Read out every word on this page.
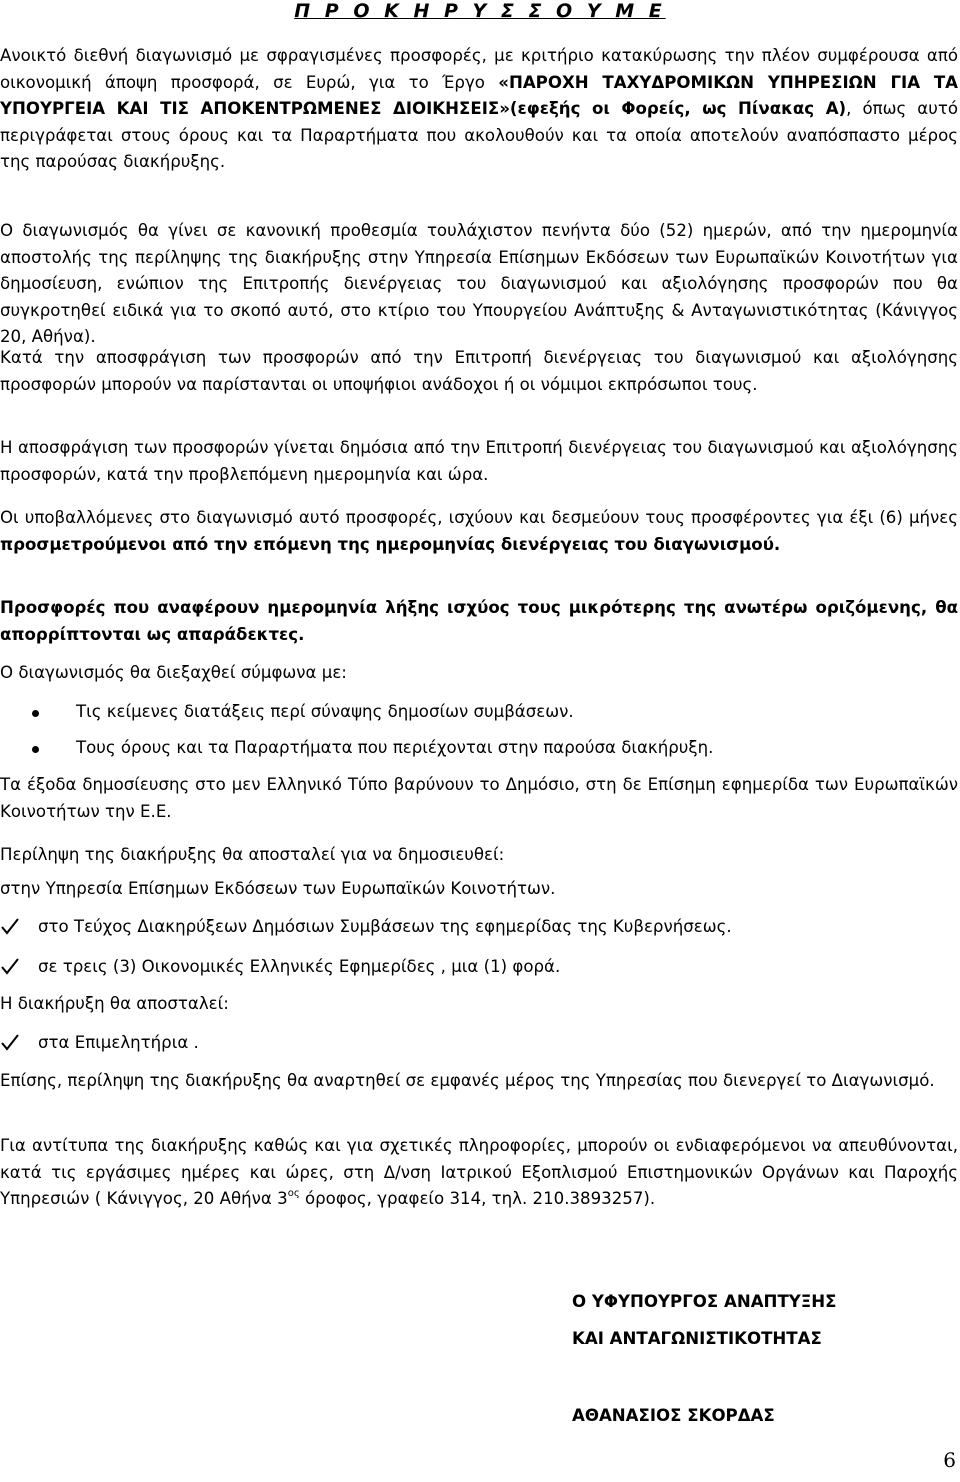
Π Ρ Ο Κ Η Ρ Υ Σ Σ Ο Υ Μ Ε
Ανοικτό διεθνή διαγωνισμό με σφραγισμένες προσφορές, με κριτήριο κατακύρωσης την πλέον συμφέρουσα από οικονομική άποψη προσφορά, σε Ευρώ, για το Έργο «ΠΑΡΟΧΗ ΤΑΧΥΔΡΟΜΙΚΩΝ ΥΠΗΡΕΣΙΩΝ ΓΙΑ ΤΑ ΥΠΟΥΡΓΕΙΑ ΚΑΙ ΤΙΣ ΑΠΟΚΕΝΤΡΩΜΕΝΕΣ ΔΙΟΙΚΗΣΕΙΣ»(εφεξής οι Φορείς, ως Πίνακας Α), όπως αυτό περιγράφεται στους όρους και τα Παραρτήματα που ακολουθούν και τα οποία αποτελούν αναπόσπαστο μέρος της παρούσας διακήρυξης.
Ο διαγωνισμός θα γίνει σε κανονική προθεσμία τουλάχιστον πενήντα δύο (52) ημερών, από την ημερομηνία αποστολής της περίληψης της διακήρυξης στην Υπηρεσία Επίσημων Εκδόσεων των Ευρωπαϊκών Κοινοτήτων για δημοσίευση, ενώπιον της Επιτροπής διενέργειας του διαγωνισμού και αξιολόγησης προσφορών που θα συγκροτηθεί ειδικά για το σκοπό αυτό, στο κτίριο του Υπουργείου Ανάπτυξης & Ανταγωνιστικότητας (Κάνιγγος 20, Αθήνα).
Κατά την αποσφράγιση των προσφορών από την Επιτροπή διενέργειας του διαγωνισμού και αξιολόγησης προσφορών μπορούν να παρίστανται οι υποψήφιοι ανάδοχοι ή οι νόμιμοι εκπρόσωποι τους.
Η αποσφράγιση των προσφορών γίνεται δημόσια από την Επιτροπή διενέργειας του διαγωνισμού και αξιολόγησης προσφορών, κατά την προβλεπόμενη ημερομηνία και ώρα.
Οι υποβαλλόμενες στο διαγωνισμό αυτό προσφορές, ισχύουν και δεσμεύουν τους προσφέροντες για έξι (6) μήνες προσμετρούμενοι από την επόμενη της ημερομηνίας διενέργειας του διαγωνισμού.
Προσφορές που αναφέρουν ημερομηνία λήξης ισχύος τους μικρότερης της ανωτέρω οριζόμενης, θα απορρίπτονται ως απαράδεκτες.
Ο διαγωνισμός θα διεξαχθεί σύμφωνα με:
Τις κείμενες διατάξεις περί σύναψης δημοσίων συμβάσεων.
Τους όρους και τα Παραρτήματα που περιέχονται στην παρούσα διακήρυξη.
Τα έξοδα δημοσίευσης στο μεν Ελληνικό Τύπο βαρύνουν το Δημόσιο, στη δε Επίσημη εφημερίδα των Ευρωπαϊκών Κοινοτήτων την Ε.Ε.
Περίληψη της διακήρυξης θα αποσταλεί για να δημοσιευθεί:
στην Υπηρεσία Επίσημων Εκδόσεων των Ευρωπαϊκών Κοινοτήτων.
στο Τεύχος Διακηρύξεων Δημόσιων Συμβάσεων της εφημερίδας της Κυβερνήσεως.
σε τρεις (3) Οικονομικές Ελληνικές Εφημερίδες , μια (1) φορά.
Η διακήρυξη θα αποσταλεί:
στα Επιμελητήρια .
Επίσης, περίληψη της διακήρυξης θα αναρτηθεί σε εμφανές μέρος της Υπηρεσίας που διενεργεί το Διαγωνισμό.
Για αντίτυπα της διακήρυξης καθώς και για σχετικές πληροφορίες, μπορούν οι ενδιαφερόμενοι να απευθύνονται, κατά τις εργάσιμες ημέρες και ώρες, στη Δ/νση Ιατρικού Εξοπλισμού Επιστημονικών Οργάνων και Παροχής Υπηρεσιών ( Κάνιγγος, 20 Αθήνα $3^{o\varsigma}$ όροφος, γραφείο 314, τηλ. 210.3893257).
Ο ΥΦΥΠΟΥΡΓΟΣ ΑΝΑΠΤΥΞΗΣ
ΚΑΙ ΑΝΤΑΓΩΝΙΣΤΙΚΟΤΗΤΑΣ
ΑΘΑΝΑΣΙΟΣ ΣΚΟΡΔΑΣ
6
